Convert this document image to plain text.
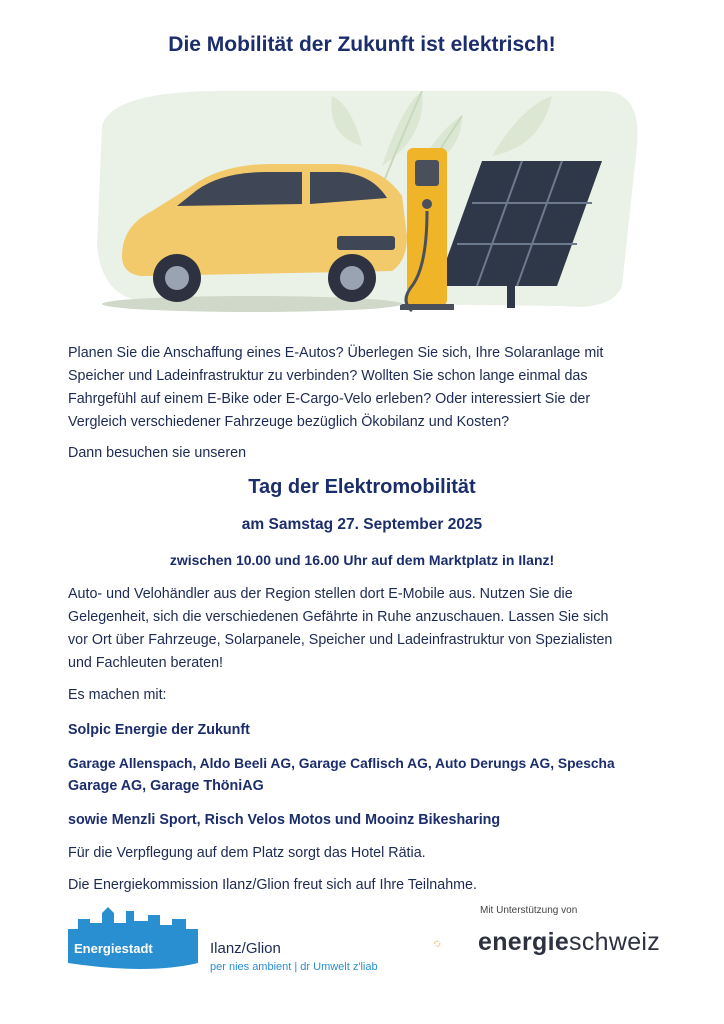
Die Mobilität der Zukunft ist elektrisch!

Planen Sie die Anschaffung eines E-Autos? Überlegen Sie sich, Ihre Solaranlage mit

Speicher und Ladeinfrastruktur zu verbinden? Wollten Sie schon lange einmal das

Fahrgefühl auf einem E-Bike oder E-Cargo-Velo erleben? Oder interessiert Sie der

Vergleich verschiedener Fahrzeuge bezüglich Ökobilanz und Kosten?

Dann besuchen sie unseren

Tag der Elektromobilität
am Samstag 27. September 2025
zwischen 10.00 und 16.00 Uhr auf dem Marktplatz in Ilanz!

Auto- und Velohändler aus der Region stellen dort E-Mobile aus. Nutzen Sie die

Gelegenheit, sich die verschiedenen Gefährte in Ruhe anzuschauen. Lassen Sie sich

vor Ort über Fahrzeuge, Solarpanele, Speicher und Ladeinfrastruktur von Spezialisten

und Fachleuten beraten!

Es machen mit:

Solpic Energie der Zukunft

Garage Allenspach, Aldo Beeli AG, Garage Caflisch AG, Auto Derungs AG, Spescha

Garage AG, Garage ThöniAG

sowie Menzli Sport, Risch Velos Motos und Mooinz Bikesharing

Für die Verpflegung auf dem Platz sorgt das Hotel Rätia.

Die Energiekommission Ilanz/Glion freut sich auf Ihre Teilnahme.

Energiestadt	Ilanz/Glion
per nies ambient | dr Umwelt z'liab
Mit Unterstützung von
energieschweiz
